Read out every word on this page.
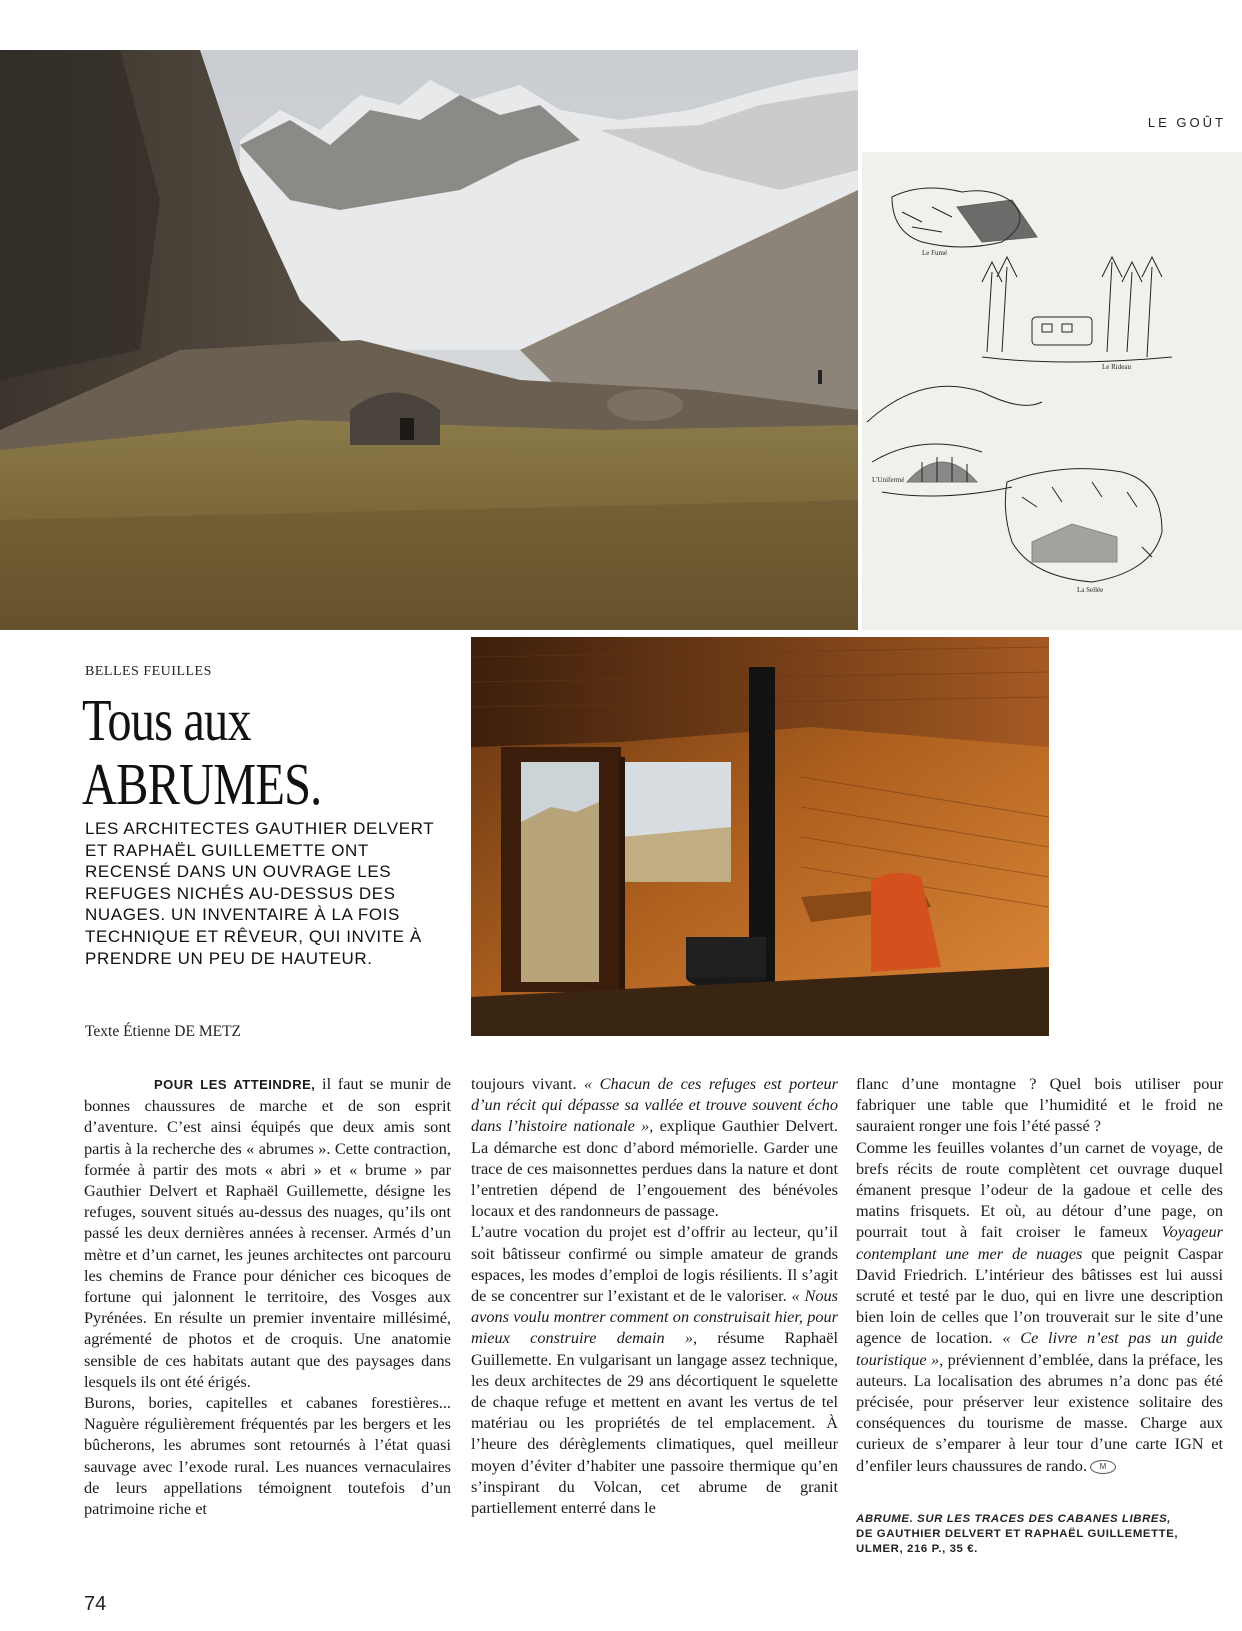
LE GOÛT
Le Fumé
Le Rideau
L'Unifermé
La Sellée
BELLES FEUILLES
Tous aux
ABRUMES.

LES ARCHITECTES GAUTHIER DELVERT ET RAPHAËL GUILLEMETTE ONT RECENSÉ DANS UN OUVRAGE LES REFUGES NICHÉS AU-DESSUS DES NUAGES. UN INVENTAIRE À LA FOIS TECHNIQUE ET RÊVEUR, QUI INVITE À PRENDRE UN PEU DE HAUTEUR.

Texte Étienne DE METZ

POUR LES ATTEINDRE, il faut se munir de bonnes chaussures de marche et de son esprit d’aventure. C’est ainsi équipés que deux amis sont partis à la recherche des « abrumes ». Cette contraction, formée à partir des mots « abri » et « brume » par Gauthier Delvert et Raphaël Guillemette, désigne les refuges, souvent situés au-dessus des nuages, qu’ils ont passé les deux dernières années à recenser. Armés d’un mètre et d’un carnet, les jeunes architectes ont parcouru les chemins de France pour dénicher ces bicoques de fortune qui jalonnent le territoire, des Vosges aux Pyrénées. En résulte un premier inventaire millésimé, agrémenté de photos et de croquis. Une anatomie sensible de ces habitats autant que des paysages dans lesquels ils ont été érigés.

Burons, bories, capitelles et cabanes forestières... Naguère régulièrement fréquentés par les bergers et les bûcherons, les abrumes sont retournés à l’état quasi sauvage avec l’exode rural. Les nuances vernaculaires de leurs appellations témoignent toutefois d’un patrimoine riche et

toujours vivant. « Chacun de ces refuges est porteur d’un récit qui dépasse sa vallée et trouve souvent écho dans l’histoire nationale », explique Gauthier Delvert. La démarche est donc d’abord mémorielle. Garder une trace de ces maisonnettes perdues dans la nature et dont l’entretien dépend de l’engouement des bénévoles locaux et des randonneurs de passage.

L’autre vocation du projet est d’offrir au lecteur, qu’il soit bâtisseur confirmé ou simple amateur de grands espaces, les modes d’emploi de logis résilients. Il s’agit de se concentrer sur l’existant et de le valoriser. « Nous avons voulu montrer comment on construisait hier, pour mieux construire demain », résume Raphaël Guillemette. En vulgarisant un langage assez technique, les deux architectes de 29 ans décortiquent le squelette de chaque refuge et mettent en avant les vertus de tel matériau ou les propriétés de tel emplacement. À l’heure des dérèglements climatiques, quel meilleur moyen d’éviter d’habiter une passoire thermique qu’en s’inspirant du Volcan, cet abrume de granit partiellement enterré dans le

flanc d’une montagne ? Quel bois utiliser pour fabriquer une table que l’humidité et le froid ne sauraient ronger une fois l’été passé ?

Comme les feuilles volantes d’un carnet de voyage, de brefs récits de route complètent cet ouvrage duquel émanent presque l’odeur de la gadoue et celle des matins frisquets. Et où, au détour d’une page, on pourrait tout à fait croiser le fameux Voyageur contemplant une mer de nuages que peignit Caspar David Friedrich. L’intérieur des bâtisses est lui aussi scruté et testé par le duo, qui en livre une description bien loin de celles que l’on trouverait sur le site d’une agence de location. « Ce livre n’est pas un guide touristique », préviennent d’emblée, dans la préface, les auteurs. La localisation des abrumes n’a donc pas été précisée, pour préserver leur existence solitaire des conséquences du tourisme de masse. Charge aux curieux de s’emparer à leur tour d’une carte IGN et d’enfiler leurs chaussures de rando. M

ABRUME. SUR LES TRACES DES CABANES LIBRES,
DE GAUTHIER DELVERT ET RAPHAËL GUILLEMETTE,
ULMER, 216 P., 35 €.
74
